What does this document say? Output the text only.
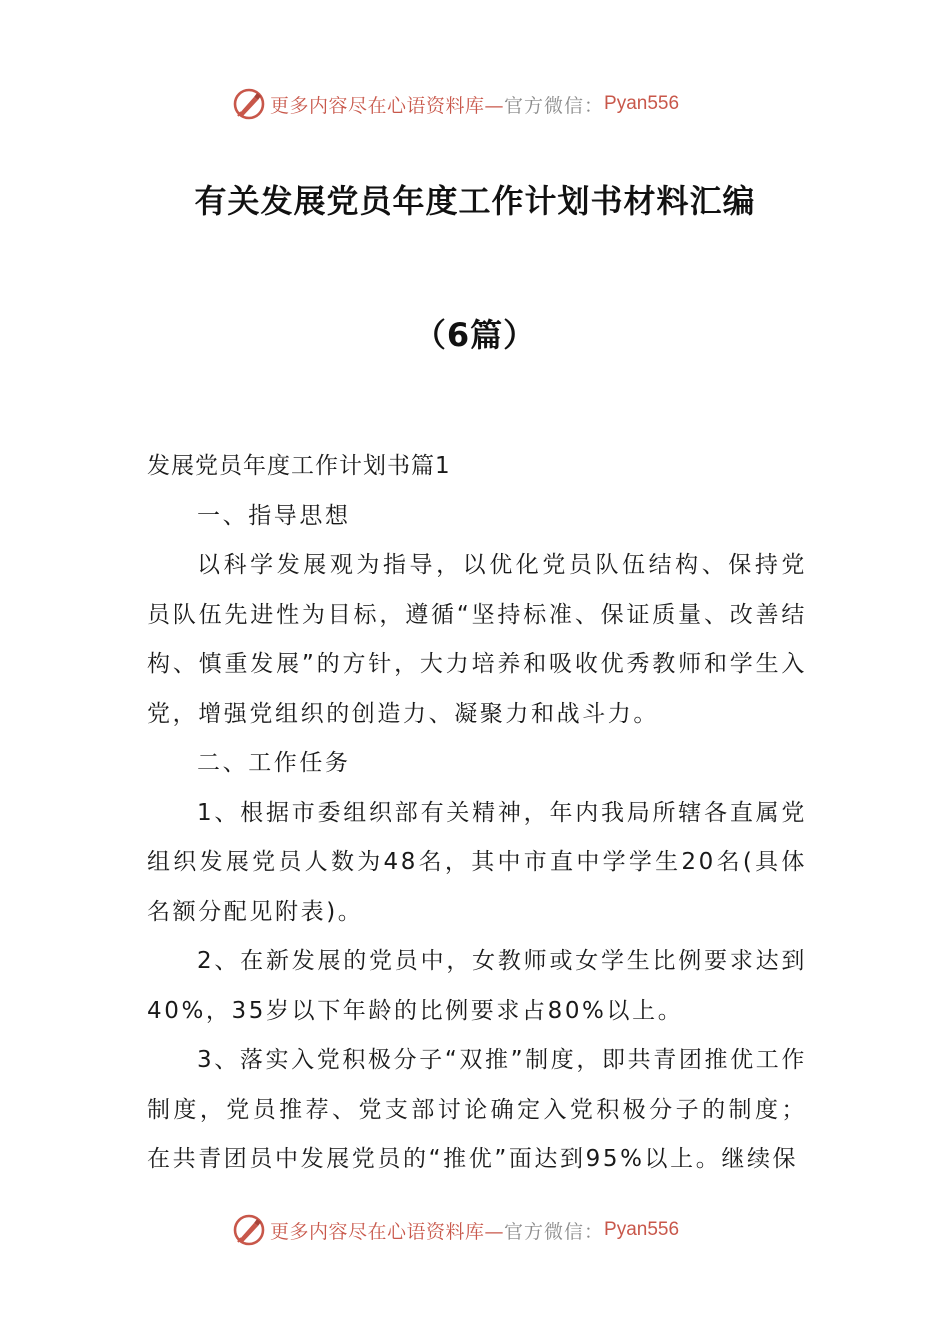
更多内容尽在心语资料库— 官方微信： Pyan556
有关发展党员年度工作计划书材料汇编
（6篇）

发展党员年度工作计划书篇1

一、指导思想

以科学发展观为指导，以优化党员队伍结构、保持党员队伍先进性为目标，遵循“坚持标准、保证质量、改善结构、慎重发展”的方针，大力培养和吸收优秀教师和学生入党，增强党组织的创造力、凝聚力和战斗力。

二、工作任务

1、根据市委组织部有关精神，年内我局所辖各直属党组织发展党员人数为48名，其中市直中学学生20名(具体名额分配见附表)。

2、在新发展的党员中，女教师或女学生比例要求达到40%，35岁以下年龄的比例要求占80%以上。

3、落实入党积极分子“双推”制度，即共青团推优工作制度，党员推荐、党支部讨论确定入党积极分子的制度；在共青团员中发展党员的“推优”面达到95%以上。继续保

更多内容尽在心语资料库— 官方微信： Pyan556
